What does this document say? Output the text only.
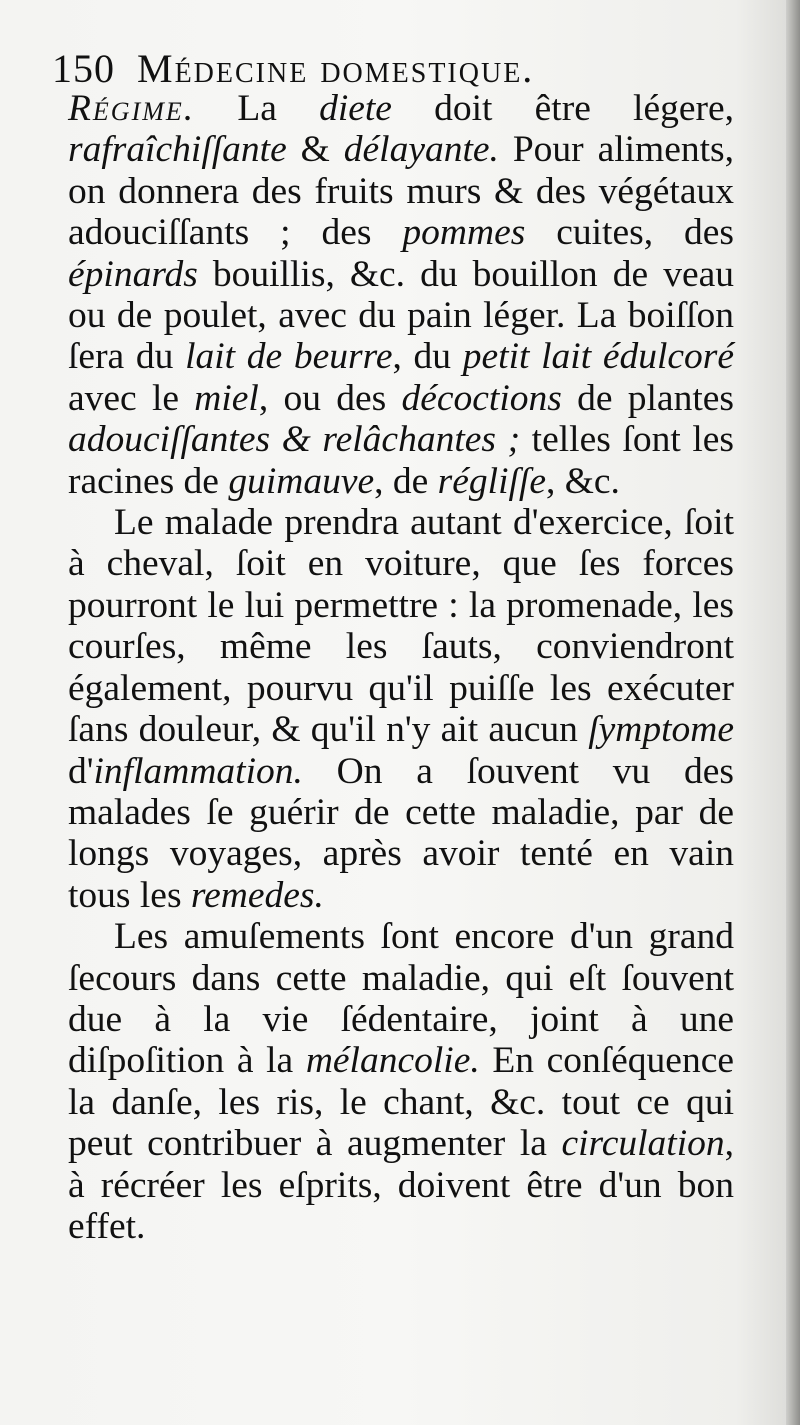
150 Médecine domestique.

Régime. La diete doit être légere, rafraîchiſſante & délayante. Pour aliments, on donnera des fruits murs & des végétaux adouciſſants ; des pommes cuites, des épinards bouillis, &c. du bouillon de veau ou de poulet, avec du pain léger. La boiſſon ſera du lait de beurre, du petit lait édulcoré avec le miel, ou des décoctions de plantes adouciſſantes & relâchantes ; telles ſont les racines de guimauve, de régliſſe, &c.

Le malade prendra autant d'exercice, ſoit à cheval, ſoit en voiture, que ſes forces pourront le lui permettre : la promenade, les courſes, même les ſauts, conviendront également, pourvu qu'il puiſſe les exécuter ſans douleur, & qu'il n'y ait aucun ſymptome d'inflammation. On a ſouvent vu des malades ſe guérir de cette maladie, par de longs voyages, après avoir tenté en vain tous les remedes.

Les amuſements ſont encore d'un grand ſecours dans cette maladie, qui eſt ſouvent due à la vie ſédentaire, joint à une diſpoſition à la mélancolie. En conſéquence la danſe, les ris, le chant, &c. tout ce qui peut contribuer à augmenter la circulation, à récréer les eſprits, doivent être d'un bon effet.
